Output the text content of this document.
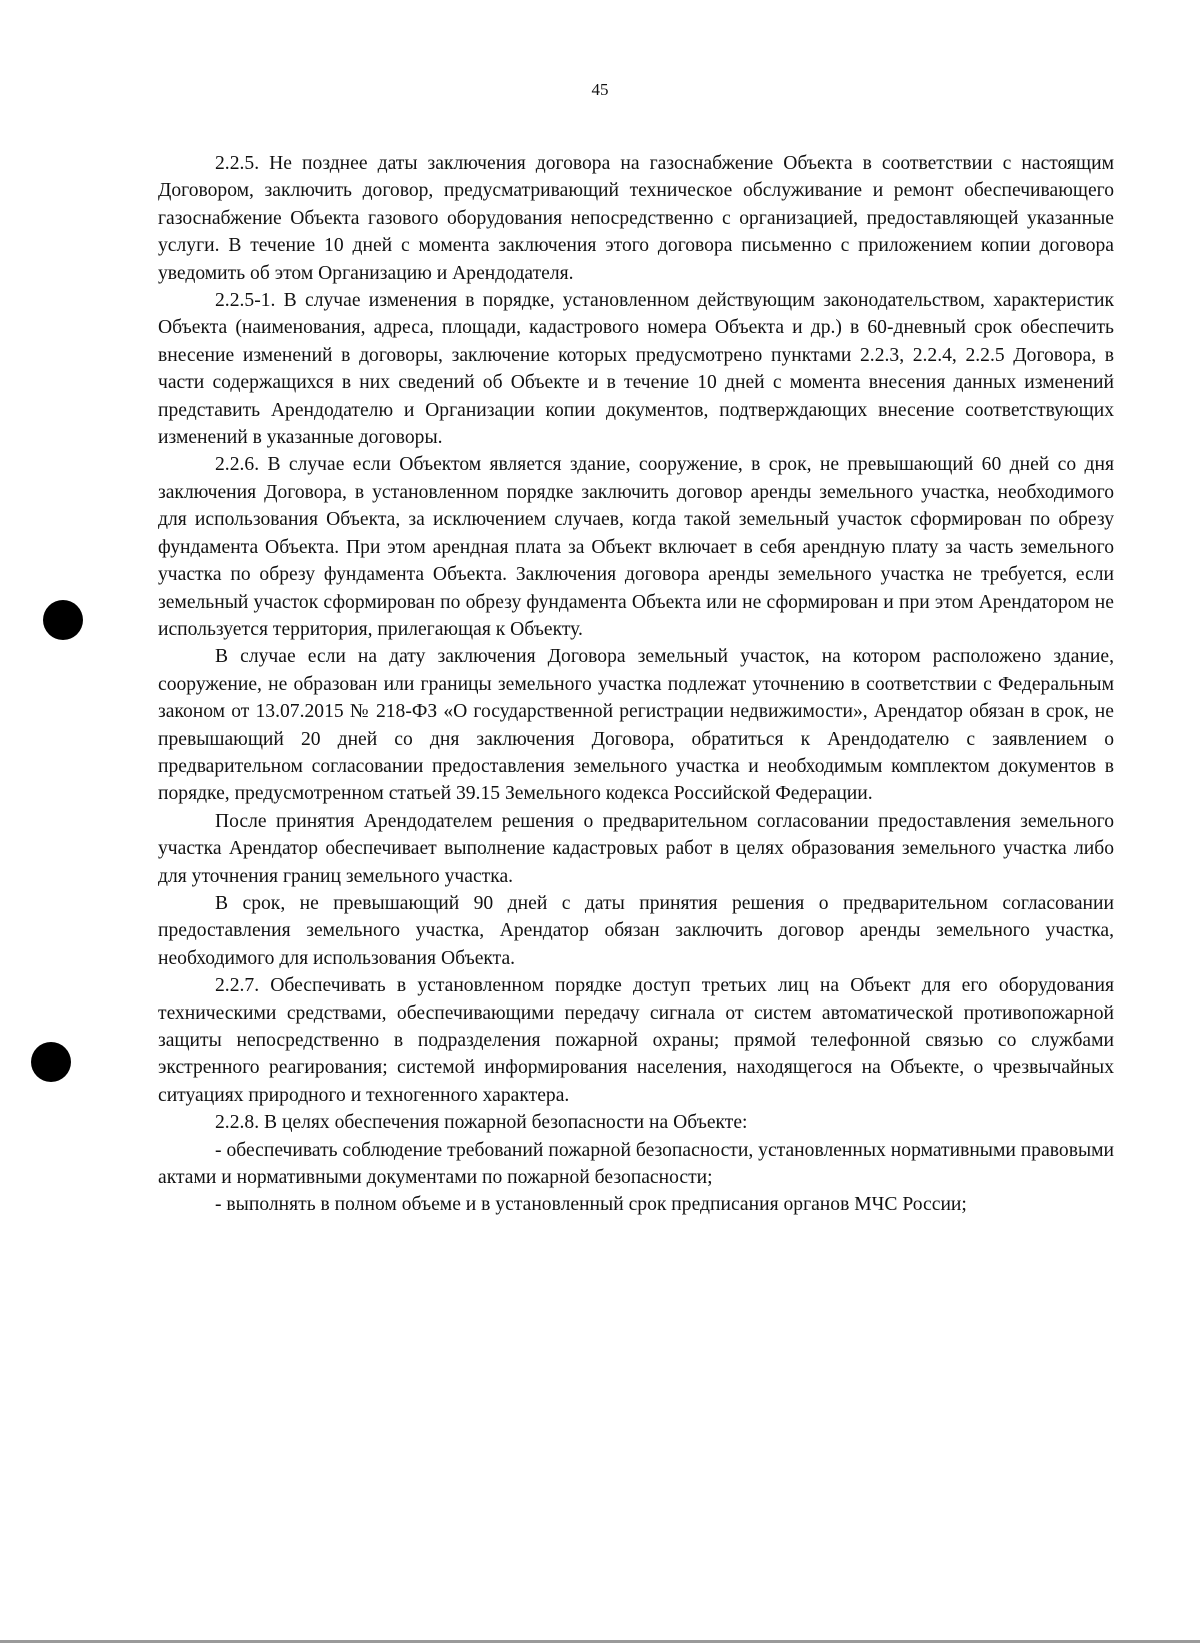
45

2.2.5. Не позднее даты заключения договора на газоснабжение Объекта в соответствии с настоящим Договором, заключить договор, предусматривающий техническое обслуживание и ремонт обеспечивающего газоснабжение Объекта газового оборудования непосредственно с организацией, предоставляющей указанные услуги. В течение 10 дней с момента заключения этого договора письменно с приложением копии договора уведомить об этом Организацию и Арендодателя.

2.2.5-1. В случае изменения в порядке, установленном действующим законодательством, характеристик Объекта (наименования, адреса, площади, кадастрового номера Объекта и др.) в 60-дневный срок обеспечить внесение изменений в договоры, заключение которых предусмотрено пунктами 2.2.3, 2.2.4, 2.2.5 Договора, в части содержащихся в них сведений об Объекте и в течение 10 дней с момента внесения данных изменений представить Арендодателю и Организации копии документов, подтверждающих внесение соответствующих изменений в указанные договоры.

2.2.6. В случае если Объектом является здание, сооружение, в срок, не превышающий 60 дней со дня заключения Договора, в установленном порядке заключить договор аренды земельного участка, необходимого для использования Объекта, за исключением случаев, когда такой земельный участок сформирован по обрезу фундамента Объекта. При этом арендная плата за Объект включает в себя арендную плату за часть земельного участка по обрезу фундамента Объекта. Заключения договора аренды земельного участка не требуется, если земельный участок сформирован по обрезу фундамента Объекта или не сформирован и при этом Арендатором не используется территория, прилегающая к Объекту.

В случае если на дату заключения Договора земельный участок, на котором расположено здание, сооружение, не образован или границы земельного участка подлежат уточнению в соответствии с Федеральным законом от 13.07.2015 № 218-ФЗ «О государственной регистрации недвижимости», Арендатор обязан в срок, не превышающий 20 дней со дня заключения Договора, обратиться к Арендодателю с заявлением о предварительном согласовании предоставления земельного участка и необходимым комплектом документов в порядке, предусмотренном статьей 39.15 Земельного кодекса Российской Федерации.

После принятия Арендодателем решения о предварительном согласовании предоставления земельного участка Арендатор обеспечивает выполнение кадастровых работ в целях образования земельного участка либо для уточнения границ земельного участка.

В срок, не превышающий 90 дней с даты принятия решения о предварительном согласовании предоставления земельного участка, Арендатор обязан заключить договор аренды земельного участка, необходимого для использования Объекта.

2.2.7. Обеспечивать в установленном порядке доступ третьих лиц на Объект для его оборудования техническими средствами, обеспечивающими передачу сигнала от систем автоматической противопожарной защиты непосредственно в подразделения пожарной охраны; прямой телефонной связью со службами экстренного реагирования; системой информирования населения, находящегося на Объекте, о чрезвычайных ситуациях природного и техногенного характера.

2.2.8. В целях обеспечения пожарной безопасности на Объекте:

- обеспечивать соблюдение требований пожарной безопасности, установленных нормативными правовыми актами и нормативными документами по пожарной безопасности;

- выполнять в полном объеме и в установленный срок предписания органов МЧС России;
